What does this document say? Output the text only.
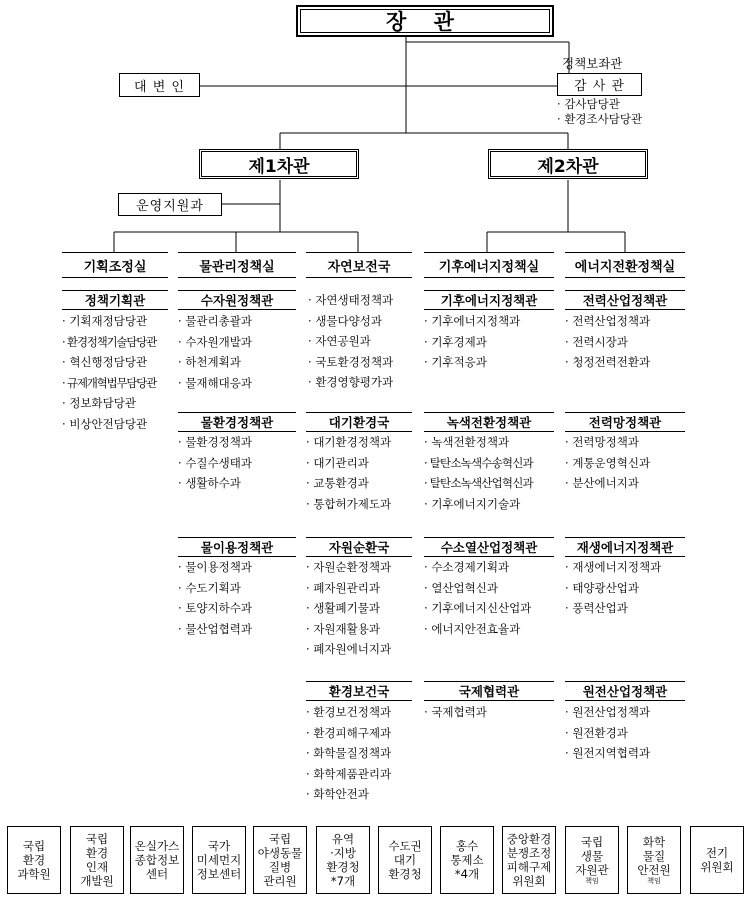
장 관
대 변 인
정책보좌관
감 사 관
· 감사담당관
· 환경조사담당관
제1차관	제2차관
운영지원과
기획조정실	물관리정책실	자연보전국	기후에너지정책실	에너지전환정책실
정책기획관
· 기획재정담당관
· 환경정책기술담당관
· 혁신행정담당관
· 규제개혁법무담당관
· 정보화담당관
· 비상안전담당관
수자원정책관
· 물관리총괄과
· 수자원개발과
· 하천계획과
· 물재해대응과
· 자연생태정책과
· 생물다양성과
· 자연공원과
· 국토환경정책과
· 환경영향평가과
기후에너지정책관
· 기후에너지정책과
· 기후경제과
· 기후적응과
전력산업정책관
· 전력산업정책과
· 전력시장과
· 청정전력전환과
물환경정책관
· 물환경정책과
· 수질수생태과
· 생활하수과
대기환경국
· 대기환경정책과
· 대기관리과
· 교통환경과
· 통합허가제도과
녹색전환정책관
· 녹색전환정책과
· 탈탄소녹색수송혁신과
· 탈탄소녹색산업혁신과
· 기후에너지기술과
전력망정책관
· 전력망정책과
· 계통운영혁신과
· 분산에너지과
물이용정책관
· 물이용정책과
· 수도기획과
· 토양지하수과
· 물산업협력과
자원순환국
· 자원순환정책과
· 폐자원관리과
· 생활폐기물과
· 자원재활용과
· 폐자원에너지과
수소열산업정책관
· 수소경제기획과
· 열산업혁신과
· 기후에너지신산업과
· 에너지안전효율과
재생에너지정책관
· 재생에너지정책과
· 태양광산업과
· 풍력산업과
환경보건국
· 환경보건정책과
· 환경피해구제과
· 화학물질정책과
· 화학제품관리과
· 화학안전과
국제협력관
· 국제협력과
원전산업정책관
· 원전산업정책과
· 원전환경과
· 원전지역협력과
국립
환경
과학원
국립
환경
인재
개발원
온실가스
종합정보
센터
국가
미세먼지
정보센터
국립
야생동물
질병
관리원
유역
·지방
환경청
*7개
수도권
대기
환경청
홍수
통제소
*4개
중앙환경
분쟁조정
피해구제
위원회
국립
생물
자원관
책임
화학
물질
안전원
책임
전기
위원회
